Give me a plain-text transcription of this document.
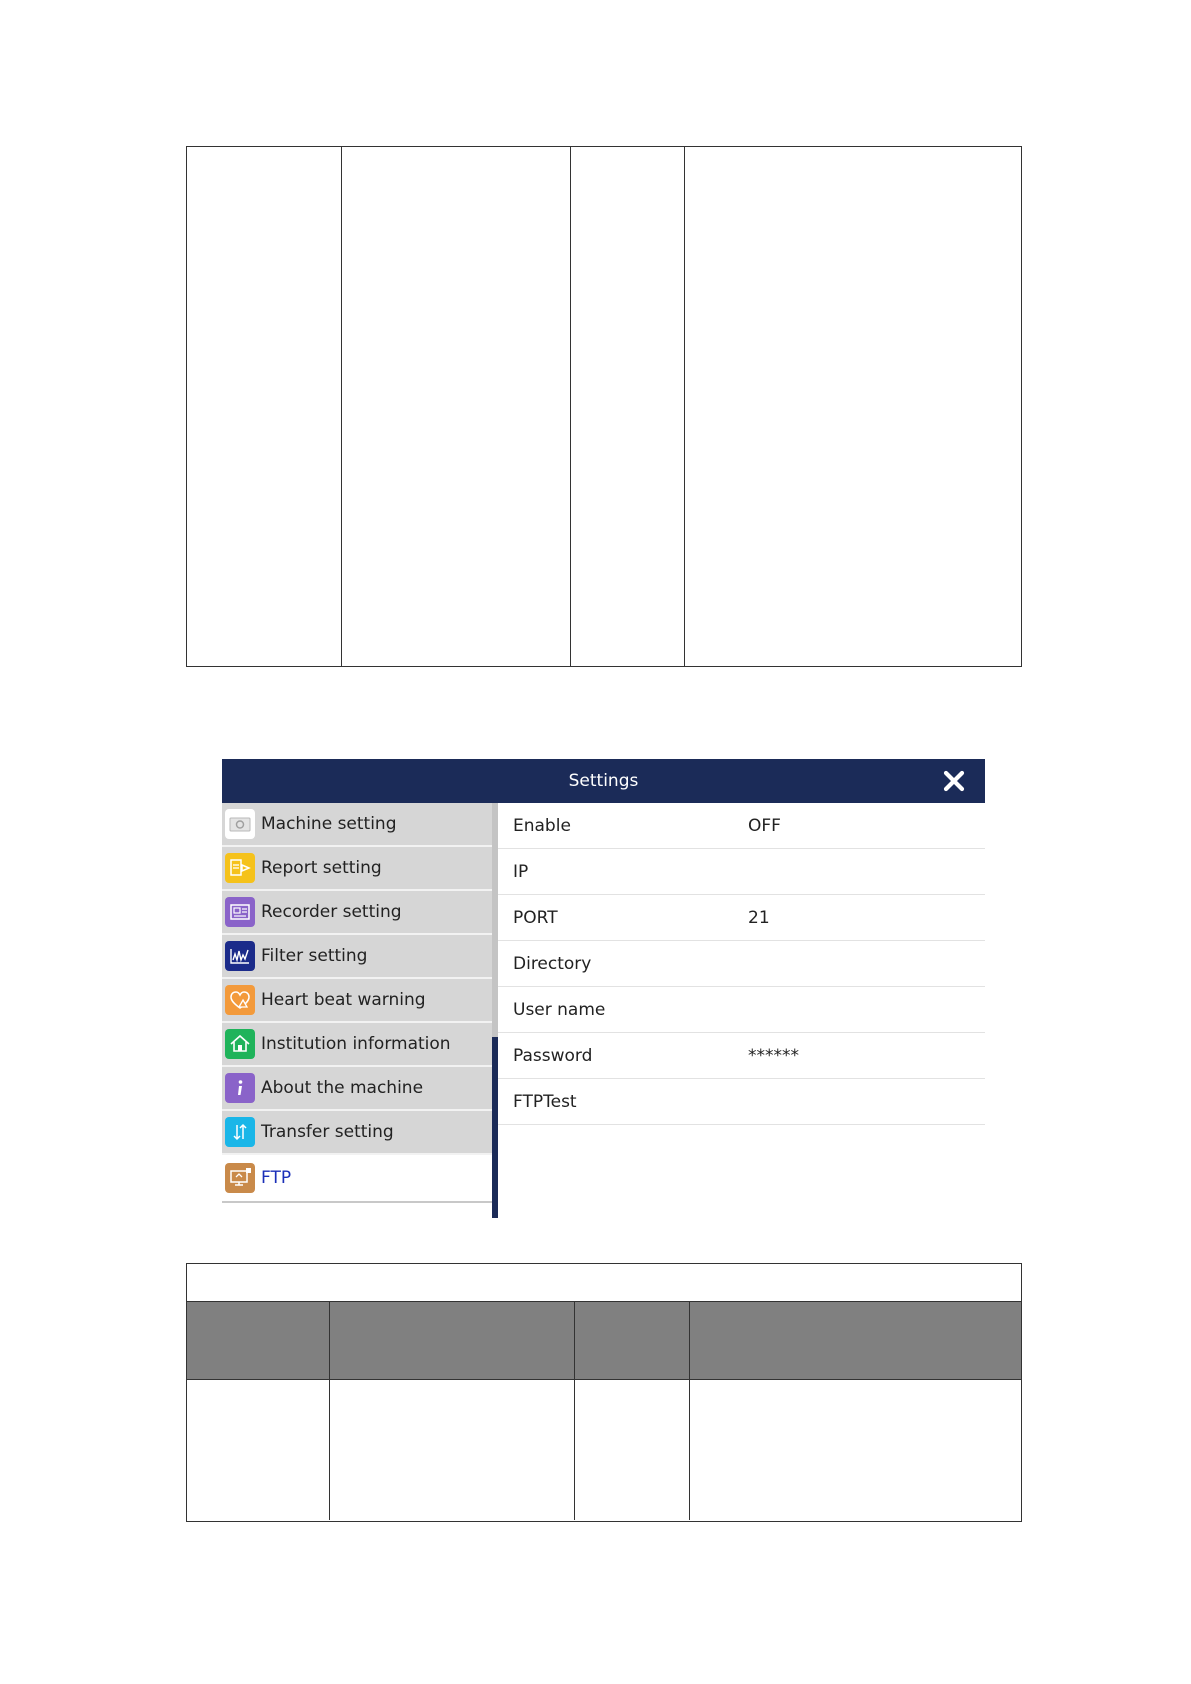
Settings
Machine setting
Report setting
Recorder setting
Filter setting
Heart beat warning
Institution information
About the machine
Transfer setting
FTP
Enable	OFF
IP
PORT	21
Directory
User name
Password	******
FTPTest
